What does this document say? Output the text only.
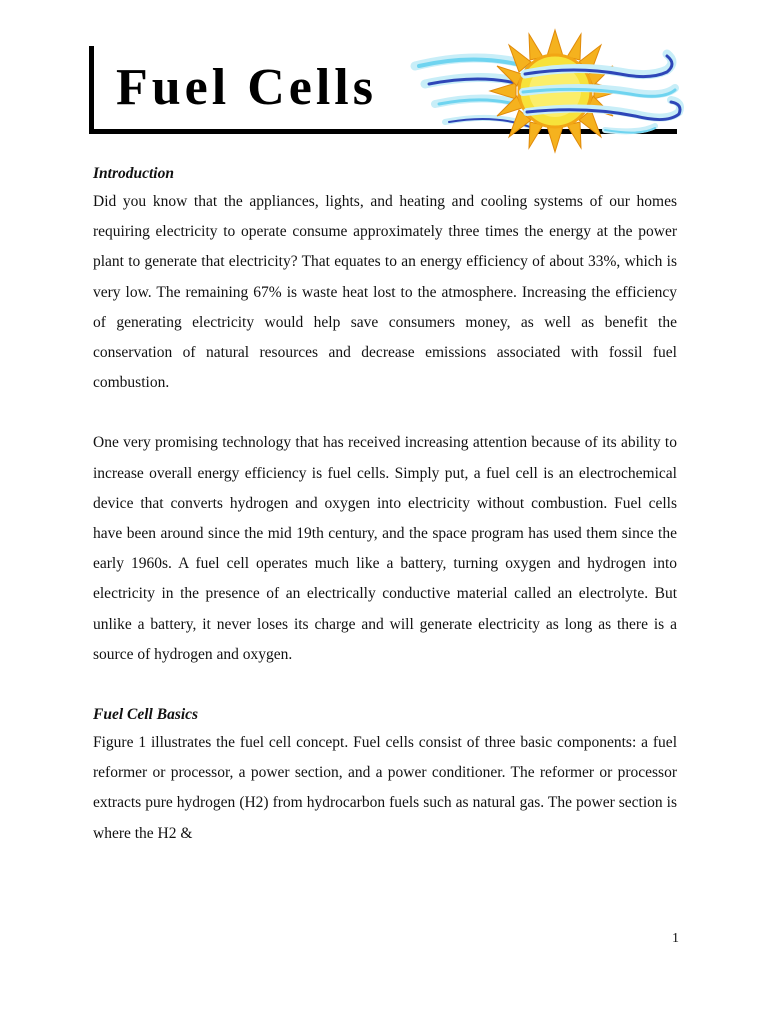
Fuel Cells
Introduction

Did you know that the appliances, lights, and heating and cooling systems of our homes requiring electricity to operate consume approximately three times the energy at the power plant to generate that electricity? That equates to an energy efficiency of about 33%, which is very low. The remaining 67% is waste heat lost to the atmosphere. Increasing the efficiency of generating electricity would help save consumers money, as well as benefit the conservation of natural resources and decrease emissions associated with fossil fuel combustion.

One very promising technology that has received increasing attention because of its ability to increase overall energy efficiency is fuel cells. Simply put, a fuel cell is an electrochemical device that converts hydrogen and oxygen into electricity without combustion. Fuel cells have been around since the mid 19th century, and the space program has used them since the early 1960s. A fuel cell operates much like a battery, turning oxygen and hydrogen into electricity in the presence of an electrically conductive material called an electrolyte. But unlike a battery, it never loses its charge and will generate electricity as long as there is a source of hydrogen and oxygen.

Fuel Cell Basics

Figure 1 illustrates the fuel cell concept. Fuel cells consist of three basic components: a fuel reformer or processor, a power section, and a power conditioner. The reformer or processor extracts pure hydrogen (H2) from hydrocarbon fuels such as natural gas. The power section is where the H2 &

1
